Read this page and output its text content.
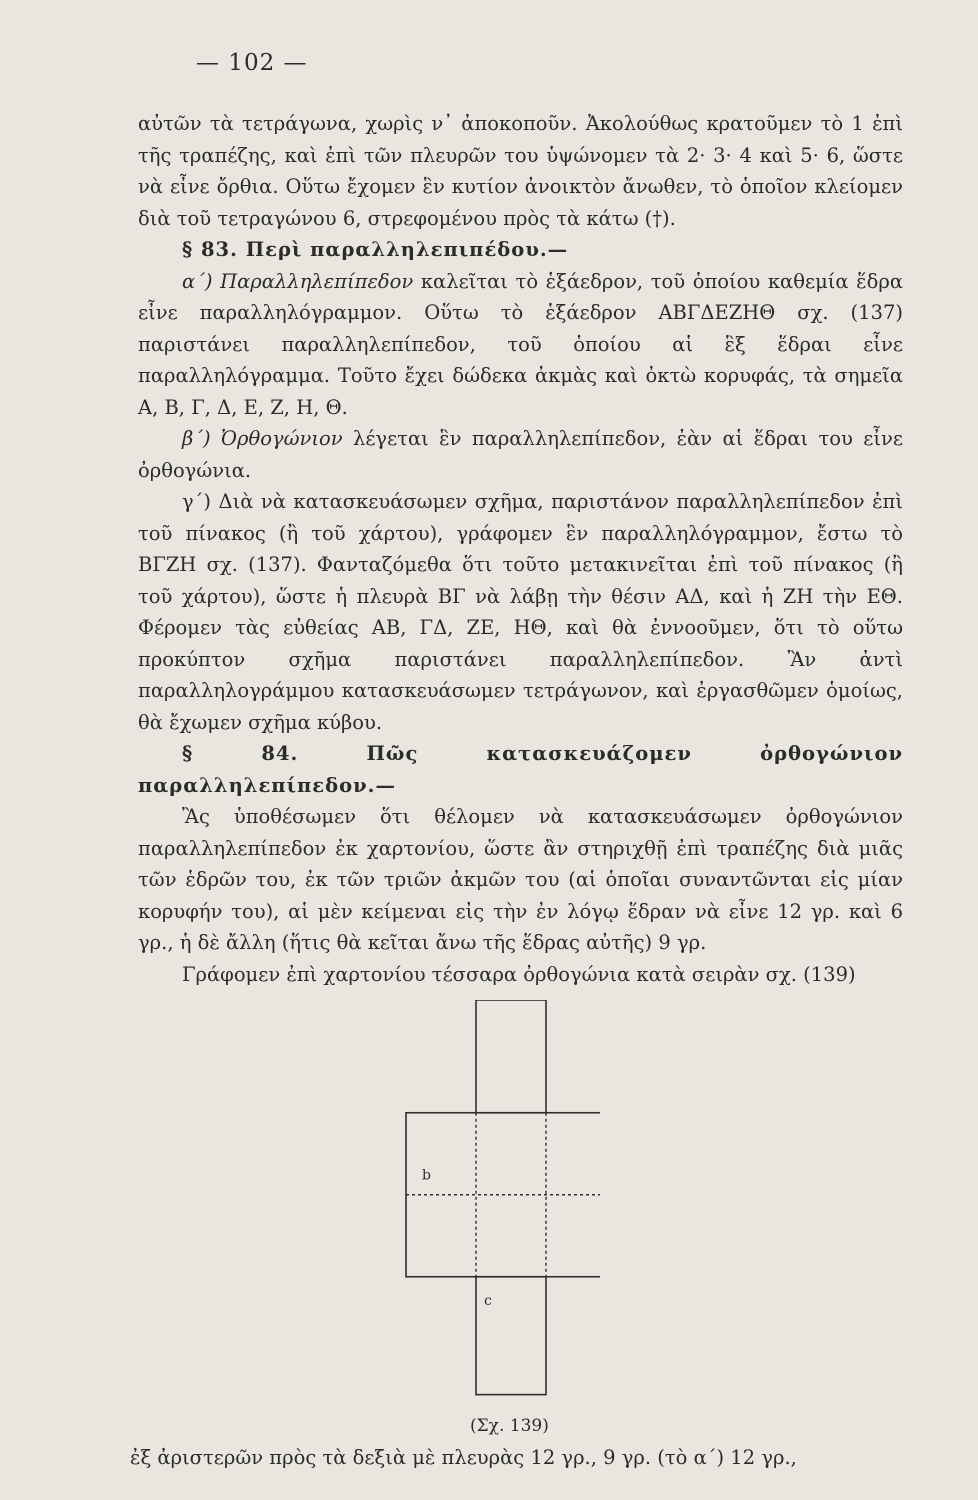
— 102 —

αὐτῶν τὰ τετράγωνα, χωρὶς ν᾿ ἀποκοποῦν. Ἀκολούθως κρατοῦμεν τὸ 1 ἐπὶ τῆς τραπέζης, καὶ ἐπὶ τῶν πλευρῶν του ὑψώνομεν τὰ 2· 3· 4 καὶ 5· 6, ὥστε νὰ εἶνε ὄρθια. Οὕτω ἔχομεν ἓν κυτίον ἀνοικτὸν ἄνωθεν, τὸ ὁποῖον κλείομεν διὰ τοῦ τετραγώνου 6, στρεφομένου πρὸς τὰ κάτω (†).

§ 83. Περὶ παραλληλεπιπέδου.—

α΄) Παραλληλεπίπεδον καλεῖται τὸ ἑξάεδρον, τοῦ ὁποίου καθεμία ἕδρα εἶνε παραλληλόγραμμον. Οὕτω τὸ ἑξάεδρον ΑΒΓΔΕΖΗΘ σχ. (137) παριστάνει παραλληλεπίπεδον, τοῦ ὁποίου αἱ ἓξ ἕδραι εἶνε παραλληλόγραμμα. Τοῦτο ἔχει δώδεκα ἀκμὰς καὶ ὀκτὼ κορυφάς, τὰ σημεῖα Α, Β, Γ, Δ, Ε, Ζ, Η, Θ.

β΄) Ὀρθογώνιον λέγεται ἓν παραλληλεπίπεδον, ἐὰν αἱ ἕδραι του εἶνε ὀρθογώνια.

γ΄) Διὰ νὰ κατασκευάσωμεν σχῆμα, παριστάνον παραλληλεπίπεδον ἐπὶ τοῦ πίνακος (ἢ τοῦ χάρτου), γράφομεν ἓν παραλληλόγραμμον, ἔστω τὸ ΒΓΖΗ σχ. (137). Φανταζόμεθα ὅτι τοῦτο μετακινεῖται ἐπὶ τοῦ πίνακος (ἢ τοῦ χάρτου), ὥστε ἡ πλευρὰ ΒΓ νὰ λάβῃ τὴν θέσιν ΑΔ, καὶ ἡ ΖΗ τὴν ΕΘ. Φέρομεν τὰς εὐθείας ΑΒ, ΓΔ, ΖΕ, ΗΘ, καὶ θὰ ἐννοοῦμεν, ὅτι τὸ οὕτω προκύπτον σχῆμα παριστάνει παραλληλεπίπεδον. Ἂν ἀντὶ παραλληλογράμμου κατασκευάσωμεν τετράγωνον, καὶ ἐργασθῶμεν ὁμοίως, θὰ ἔχωμεν σχῆμα κύβου.

§ 84. Πῶς κατασκευάζομεν ὀρθογώνιον παραλληλεπίπεδον.—

Ἂς ὑποθέσωμεν ὅτι θέλομεν νὰ κατασκευάσωμεν ὀρθογώνιον παραλληλεπίπεδον ἐκ χαρτονίου, ὥστε ἂν στηριχθῇ ἐπὶ τραπέζης διὰ μιᾶς τῶν ἑδρῶν του, ἐκ τῶν τριῶν ἀκμῶν του (αἱ ὁποῖαι συναντῶνται εἰς μίαν κορυφήν του), αἱ μὲν κείμεναι εἰς τὴν ἐν λόγῳ ἕδραν νὰ εἶνε 12 γρ. καὶ 6 γρ., ἡ δὲ ἄλλη (ἥτις θὰ κεῖται ἄνω τῆς ἕδρας αὐτῆς) 9 γρ.

Γράφομεν ἐπὶ χαρτονίου τέσσαρα ὀρθογώνια κατὰ σειρὰν σχ. (139)

b
c
(Σχ. 139)
ἐξ ἀριστερῶν πρὸς τὰ δεξιὰ μὲ πλευρὰς 12 γρ., 9 γρ. (τὸ α΄) 12 γρ.,
